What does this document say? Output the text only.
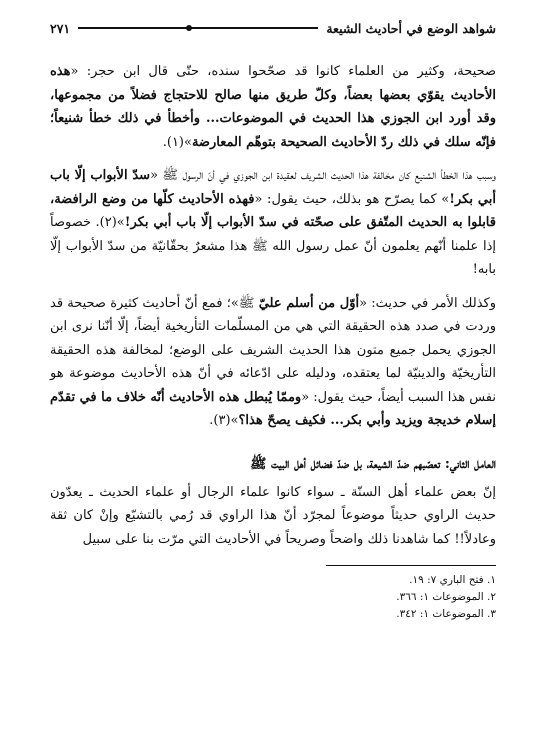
شواهد الوضع في أحاديث الشيعة
٢٧١

صحيحة، وكثير من العلماء كانوا قد صحّحوا سنده، حتّى قال ابن حجر: «هذه الأحاديث يقوّي بعضها بعضاً، وكلّ طريق منها صالح للاحتجاج فضلاً من مجموعها، وقد أورد ابن الجوزي هذا الحديث في الموضوعات... وأخطأ في ذلك خطأ شنيعاً؛ فإنّه سلك في ذلك ردّ الأحاديث الصحيحة بتوهّم المعارضة»(١).

وسبب هذا الخطأ الشنيع كان مخالفة هذا الحديث الشريف لعقيدة ابن الجوزي في أنّ الرسول ﷺ «سدّ الأبواب إلّا باب أبي بكر!» كما يصرّح هو بذلك، حيث يقول: «فهذه الأحاديث كلّها من وضع الرافضة، قابلوا به الحديث المتّفق على صحّته في سدّ الأبواب إلّا باب أبي بكر!»(٢). خصوصاً إذا علمنا أنّهم يعلمون أنّ عمل رسول الله ﷺ هذا مشعرٌ بحقّانيّة من سدّ الأبواب إلّا بابه!

وكذلك الأمر في حديث: «أوّل من أسلم عليّ ﷺ»؛ فمع أنّ أحاديث كثيرة صحيحة قد وردت في صدد هذه الحقيقة التي هي من المسلّمات التأريخية أيضاً، إلّا أنّنا نرى ابن الجوزي يحمل جميع متون هذا الحديث الشريف على الوضع؛ لمخالفة هذه الحقيقة التأريخيّة والدينيّة لما يعتقده، ودليله على ادّعائه في أنّ هذه الأحاديث موضوعة هو نفس هذا السبب أيضاً، حيث يقول: «وممّا يُبطل هذه الأحاديث أنّه خلاف ما في تقدّم إسلام خديجة ويزيد وأبي بكر... فكيف يصحّ هذا؟»(٣).

العامل الثاني: تعصّبهم ضدّ الشيعة، بل ضدّ فضائل أهل البيت ﷺ

إنّ بعض علماء أهل السنّة ـ سواء كانوا علماء الرجال أو علماء الحديث ـ يعدّون حديث الراوي حديثاً موضوعاً لمجرّد أنّ هذا الراوي قد رُمي بالتشيّع وإنْ كان ثقة وعادلاً!! كما شاهدنا ذلك واضحاً وصريحاً في الأحاديث التي مرّت بنا على سبيل

١. فتح الباري ٧: ١٩.
٢. الموضوعات ١: ٣٦٦.
٣. الموضوعات ١: ٣٤٢.
